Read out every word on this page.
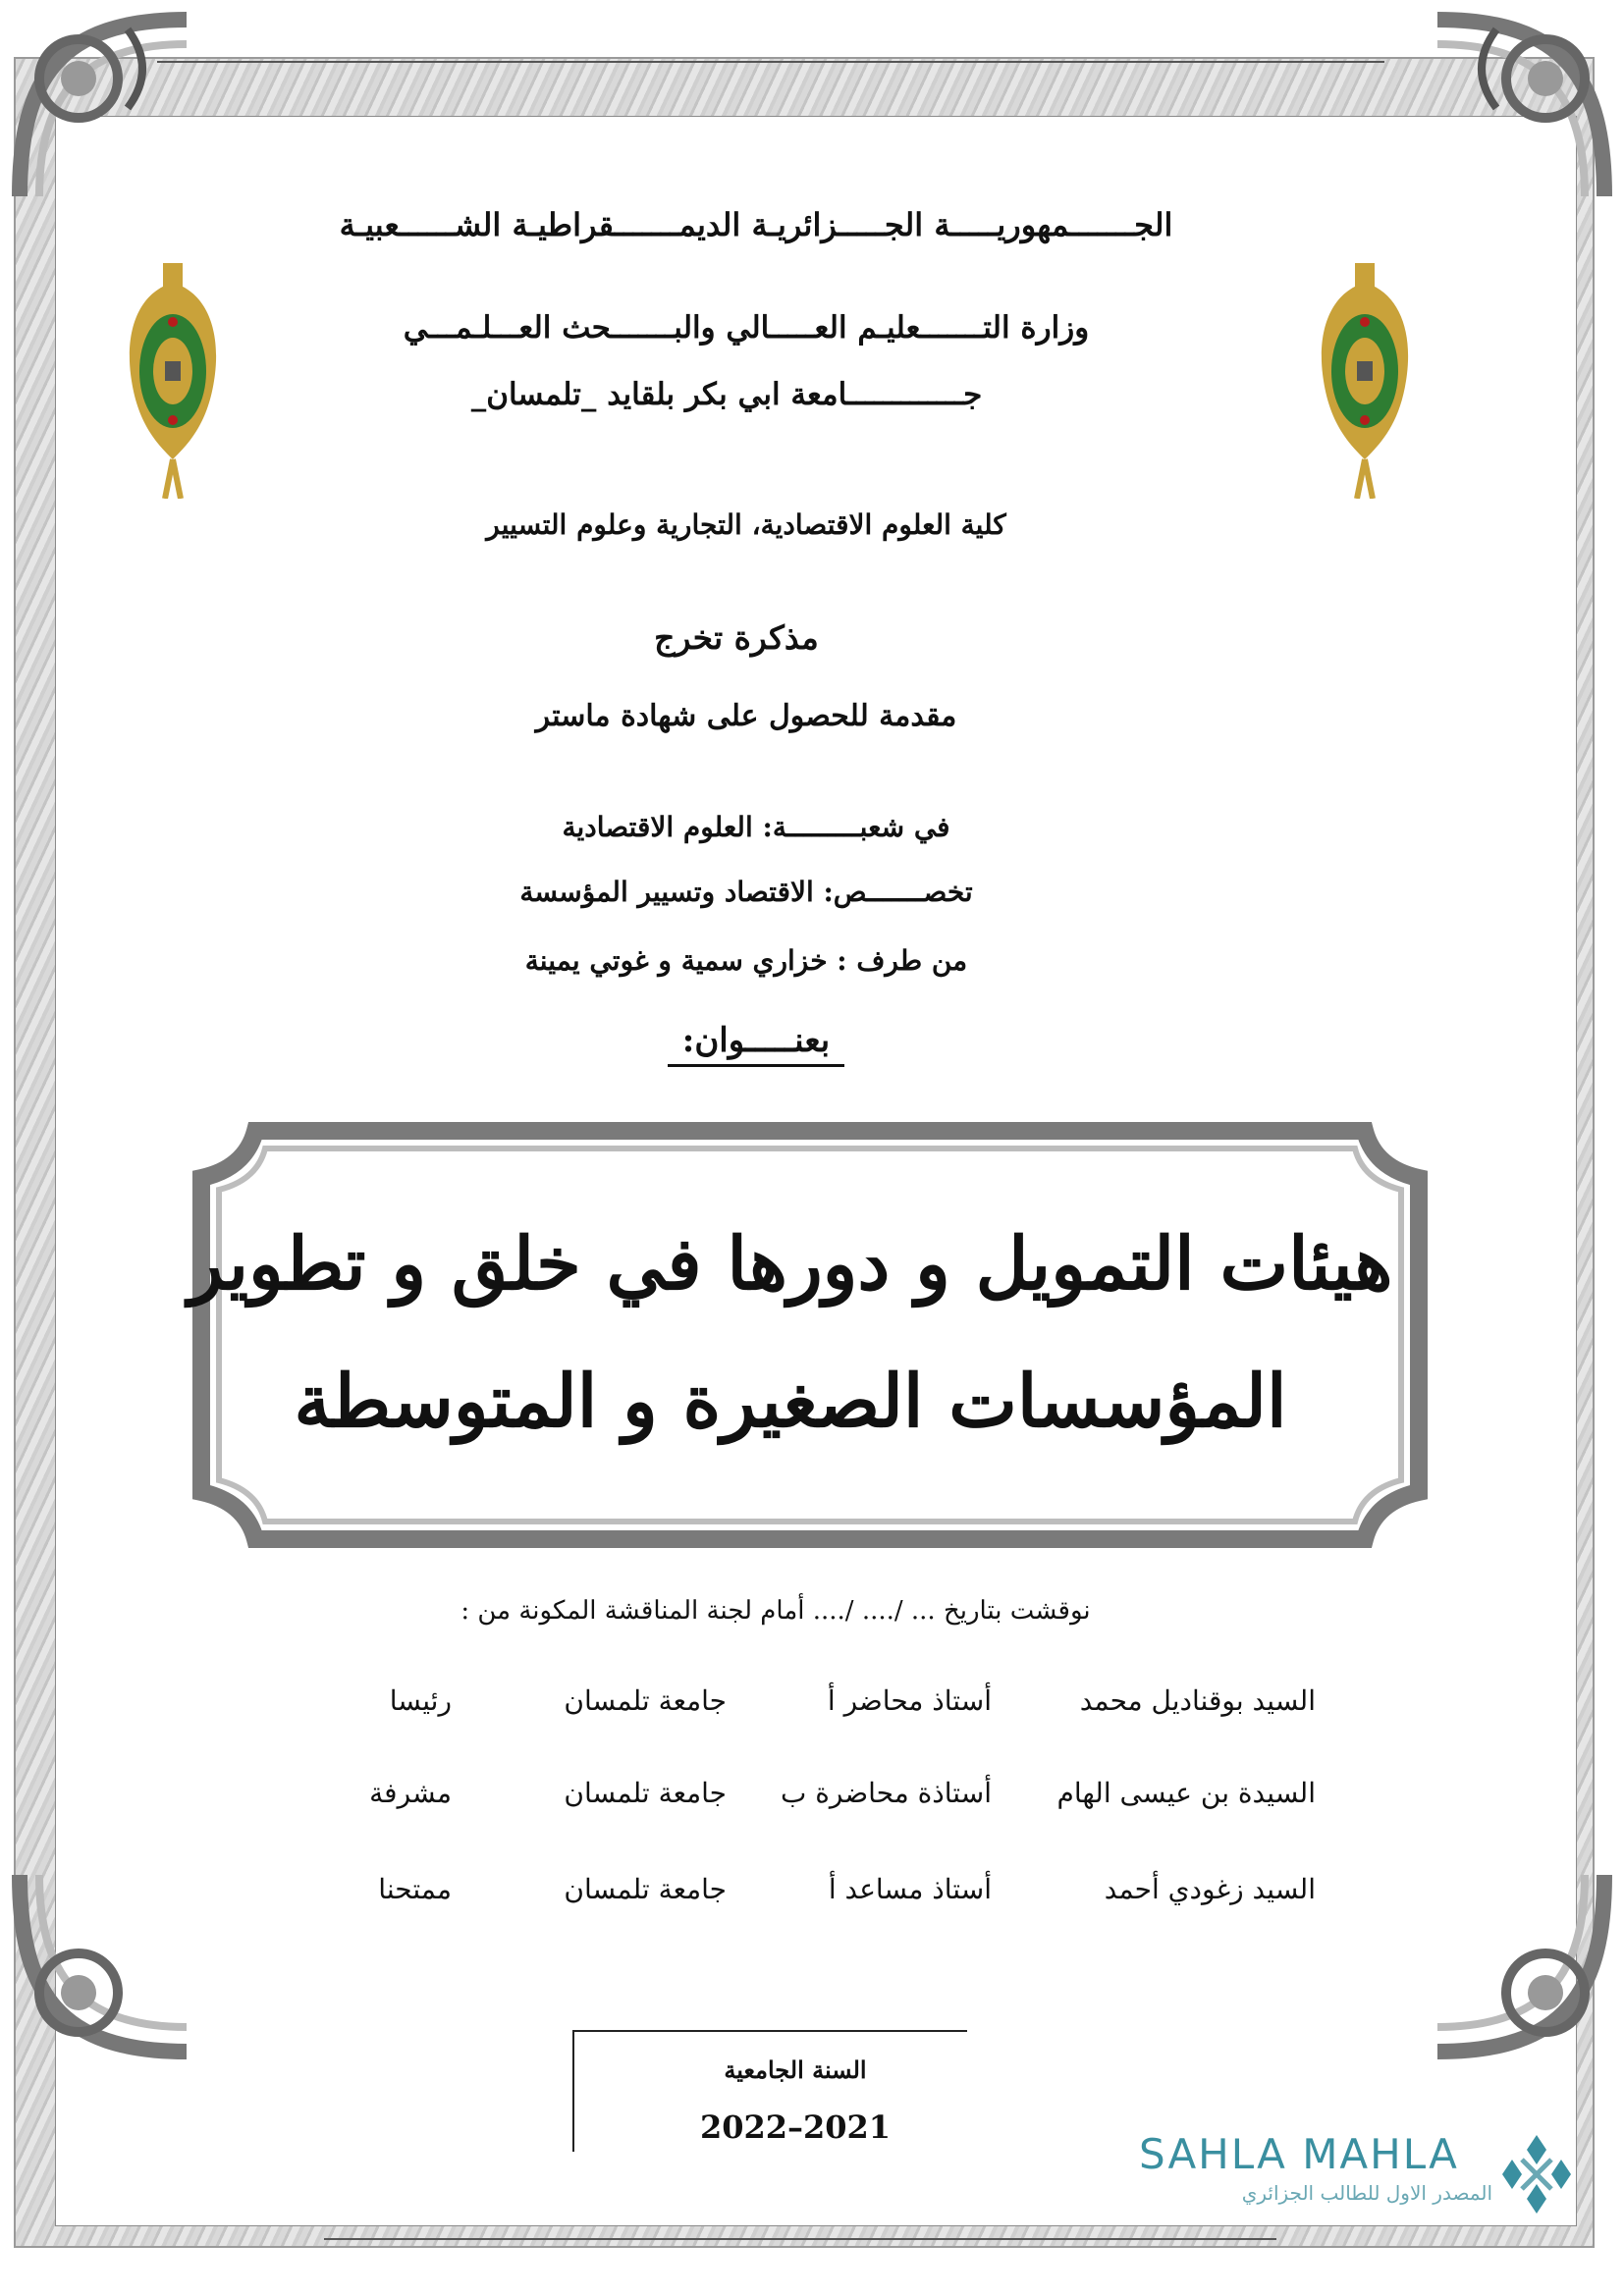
الجـــــــمهوريـــــة الجـــــزائريـة الديمـــــــقراطيـة الشــــــعبيـة
وزارة التـــــــعليـم العـــــالي والبـــــــحث العـــلـمـــي
جـــــــــــــامعة ابي بكر بلقايد _تلمسان_
كلية العلوم الاقتصادية، التجارية وعلوم التسيير
مذكرة تخرج
مقدمة للحصول على شهادة ماستر
في شعبـــــــــة: العلوم الاقتصادية
تخصـــــــص: الاقتصاد وتسيير المؤسسة
من طرف : خزاري سمية و غوتي يمينة
بعنـــــوان:
هيئات التمويل و دورها في خلق و تطوير
المؤسسات الصغيرة و المتوسطة
نوقشت بتاريخ ... /.... /.... أمام لجنة المناقشة المكونة من :
السيد بوقناديل محمد
أستاذ محاضر أ
جامعة تلمسان
رئيسا
السيدة بن عيسى الهام
أستاذة محاضرة ب
جامعة تلمسان
مشرفة
السيد زغودي أحمد
أستاذ مساعد أ
جامعة تلمسان
ممتحنا
السنة الجامعية
2022–2021
SAHLA MAHLA
المصدر الاول للطالب الجزائري
